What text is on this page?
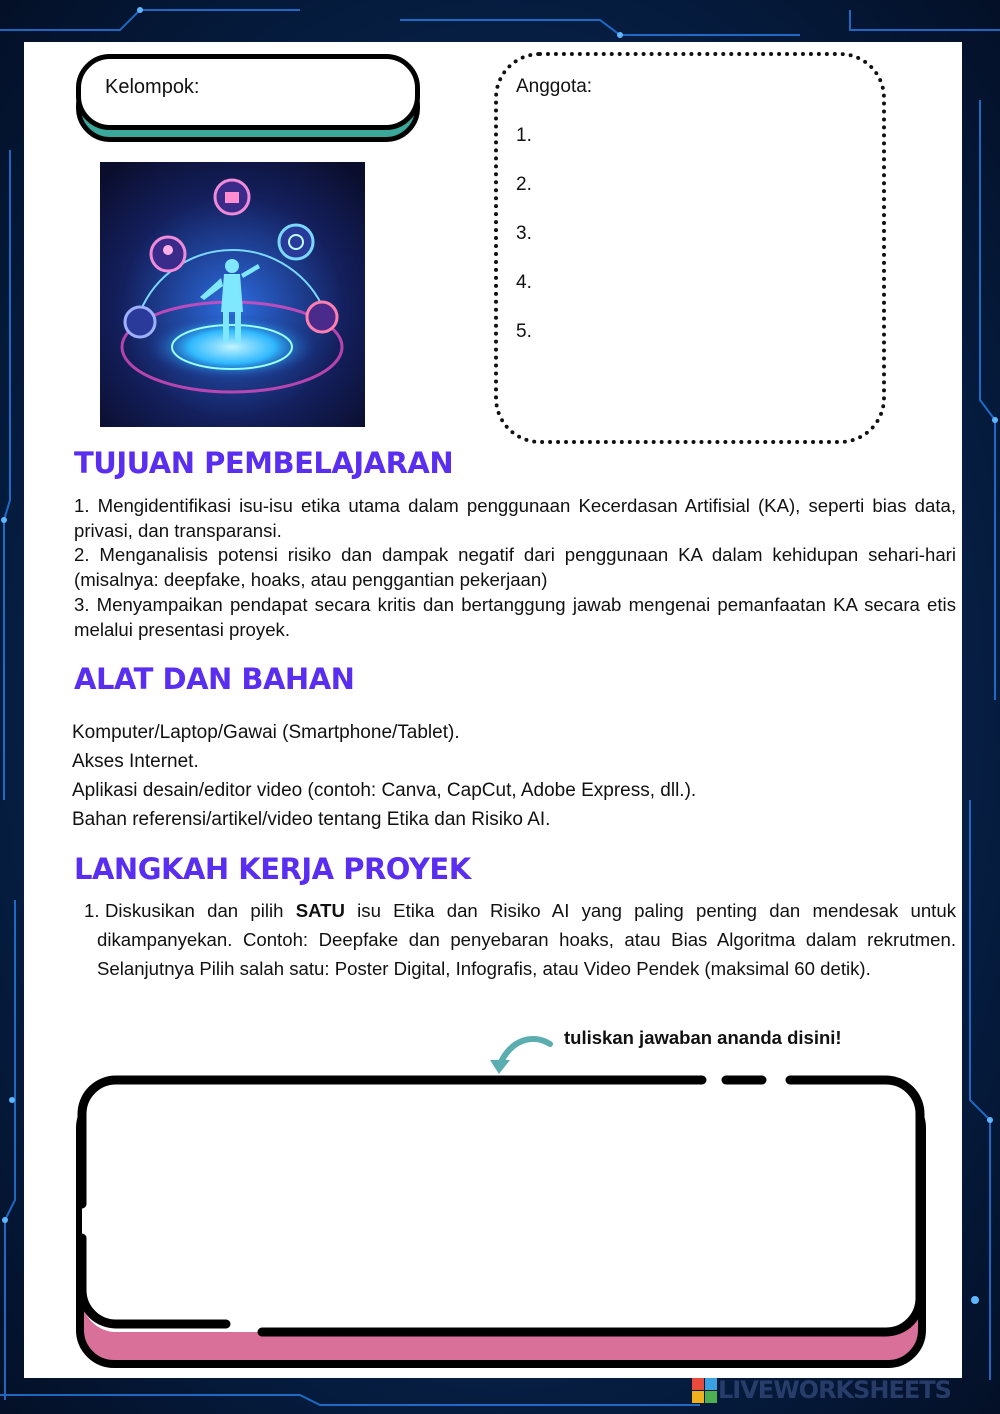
Kelompok:	Anggota:
1.
2.
3.
4.
5.
TUJUAN PEMBELAJARAN

1. Mengidentifikasi isu-isu etika utama dalam penggunaan Kecerdasan Artifisial (KA), seperti bias data, privasi, dan transparansi.

2. Menganalisis potensi risiko dan dampak negatif dari penggunaan KA dalam kehidupan sehari-hari (misalnya: deepfake, hoaks, atau penggantian pekerjaan)

3. Menyampaikan pendapat secara kritis dan bertanggung jawab mengenai pemanfaatan KA secara etis melalui presentasi proyek.

ALAT DAN BAHAN
Komputer/Laptop/Gawai (Smartphone/Tablet).
Akses Internet.
Aplikasi desain/editor video (contoh: Canva, CapCut, Adobe Express, dll.).
Bahan referensi/artikel/video tentang Etika dan Risiko AI.
LANGKAH KERJA PROYEK
1. Diskusikan dan pilih SATU isu Etika dan Risiko AI yang paling penting dan mendesak untuk dikampanyekan. Contoh: Deepfake dan penyebaran hoaks, atau Bias Algoritma dalam rekrutmen. Selanjutnya Pilih salah satu: Poster Digital, Infografis, atau Video Pendek (maksimal 60 detik).
tuliskan jawaban ananda disini!
LIVEWORKSHEETS
